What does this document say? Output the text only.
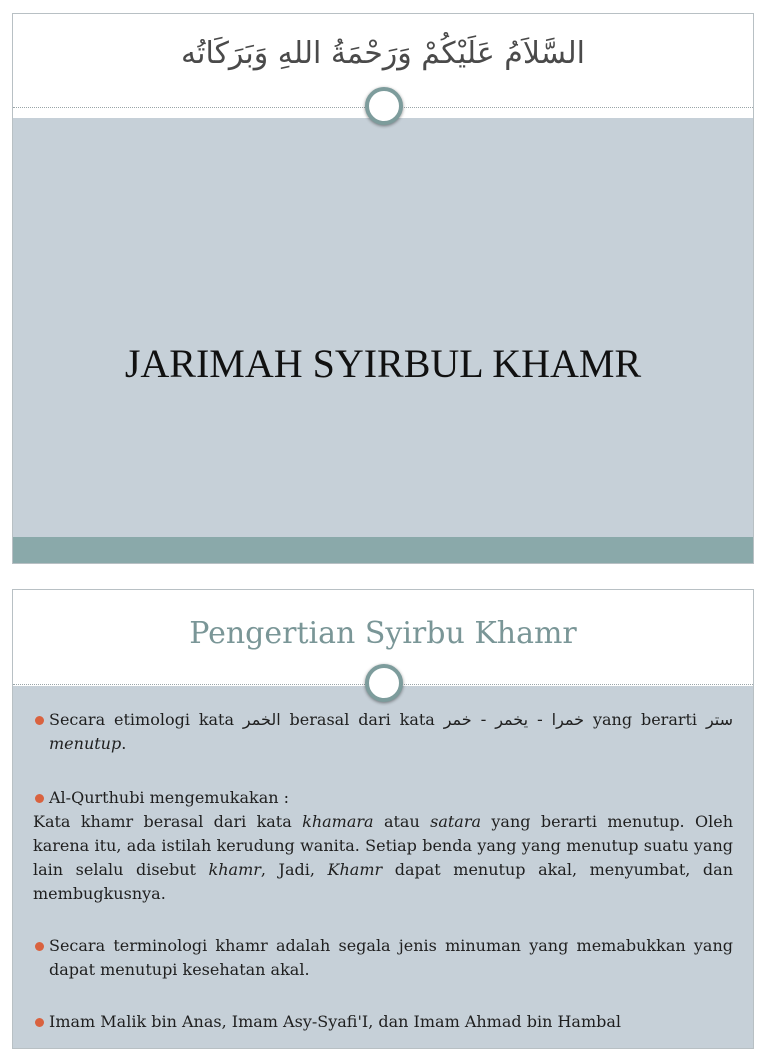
السَّلاَمُ عَلَيْكُمْ وَرَحْمَةُ اللهِ وَبَرَكَاتُه
JARIMAH SYIRBUL KHAMR
Pengertian Syirbu Khamr
Secara etimologi kata الخمر berasal dari kata خمرا - يخمر - خمر yang berarti ستر menutup.
Al-Qurthubi mengemukakan :

Kata khamr berasal dari kata khamara atau satara yang berarti menutup. Oleh karena itu, ada istilah kerudung wanita. Setiap benda yang yang menutup suatu yang lain selalu disebut khamr, Jadi, Khamr dapat menutup akal, menyumbat, dan membugkusnya.

Secara terminologi khamr adalah segala jenis minuman yang memabukkan yang dapat menutupi kesehatan akal.
Imam Malik bin Anas, Imam Asy-Syafi'I, dan Imam Ahmad bin Hambal
